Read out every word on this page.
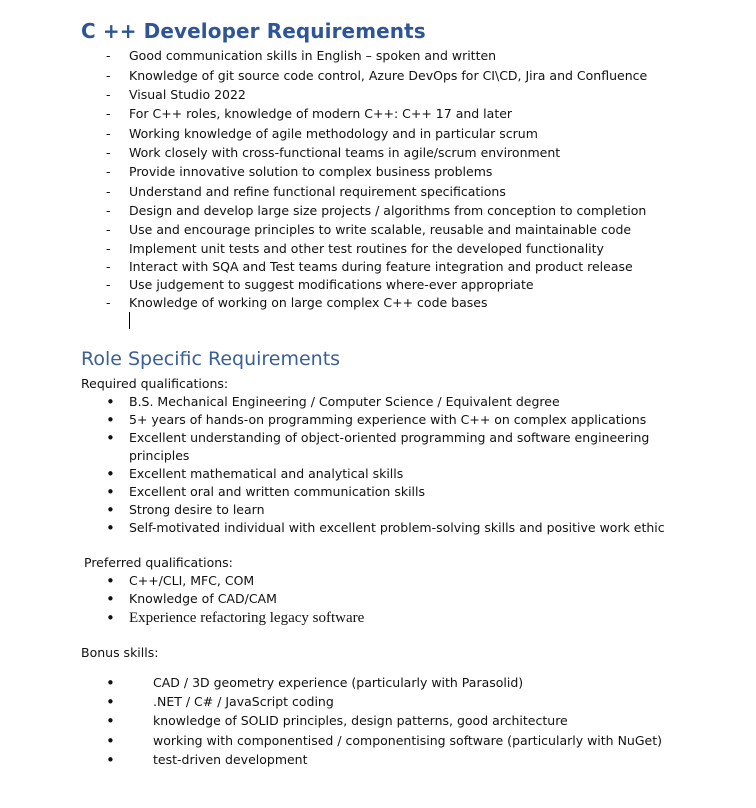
C ++ Developer Requirements
-	Good communication skills in English – spoken and written
-	Knowledge of git source code control, Azure DevOps for CI\CD, Jira and Confluence
-	Visual Studio 2022
-	For C++ roles, knowledge of modern C++: C++ 17 and later
-	Working knowledge of agile methodology and in particular scrum
-	Work closely with cross-functional teams in agile/scrum environment
-	Provide innovative solution to complex business problems
-	Understand and refine functional requirement specifications
-	Design and develop large size projects / algorithms from conception to completion
-	Use and encourage principles to write scalable, reusable and maintainable code
-	Implement unit tests and other test routines for the developed functionality
-	Interact with SQA and Test teams during feature integration and product release
-	Use judgement to suggest modifications where-ever appropriate
-	Knowledge of working on large complex C++ code bases
Role Specific Requirements
Required qualifications:
•
B.S. Mechanical Engineering / Computer Science / Equivalent degree
•
5+ years of hands-on programming experience with C++ on complex applications
•
Excellent understanding of object-oriented programming and software engineering
principles
•
Excellent mathematical and analytical skills
•
Excellent oral and written communication skills
•
Strong desire to learn
•
Self-motivated individual with excellent problem-solving skills and positive work ethic
Preferred qualifications:
•
C++/CLI, MFC, COM
•
Knowledge of CAD/CAM
•
Experience refactoring legacy software
Bonus skills:
•
CAD / 3D geometry experience (particularly with Parasolid)
•
.NET / C# / JavaScript coding
•
knowledge of SOLID principles, design patterns, good architecture
•
working with componentised / componentising software (particularly with NuGet)
•
test-driven development
